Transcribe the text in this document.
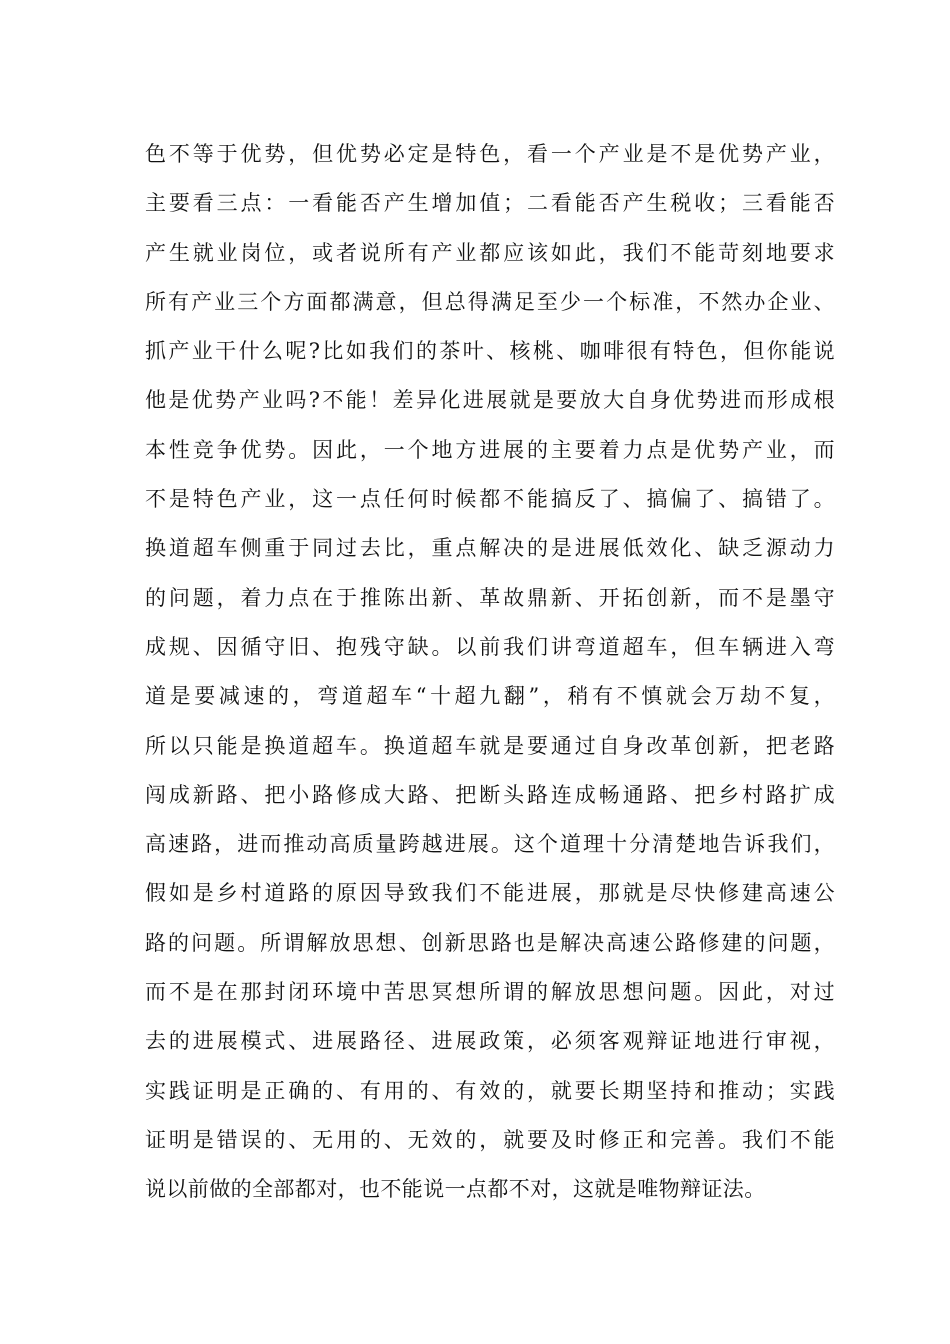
色不等于优势，但优势必定是特色，看一个产业是不是优势产业，
主要看三点：一看能否产生增加值；二看能否产生税收；三看能否
产生就业岗位，或者说所有产业都应该如此，我们不能苛刻地要求
所有产业三个方面都满意，但总得满足至少一个标准，不然办企业、
抓产业干什么呢?比如我们的茶叶、核桃、咖啡很有特色，但你能说
他是优势产业吗?不能！差异化进展就是要放大自身优势进而形成根
本性竞争优势。因此，一个地方进展的主要着力点是优势产业，而
不是特色产业，这一点任何时候都不能搞反了、搞偏了、搞错了。
换道超车侧重于同过去比，重点解决的是进展低效化、缺乏源动力
的问题，着力点在于推陈出新、革故鼎新、开拓创新，而不是墨守
成规、因循守旧、抱残守缺。以前我们讲弯道超车，但车辆进入弯
道是要减速的，弯道超车“十超九翻”，稍有不慎就会万劫不复，
所以只能是换道超车。换道超车就是要通过自身改革创新，把老路
闯成新路、把小路修成大路、把断头路连成畅通路、把乡村路扩成
高速路，进而推动高质量跨越进展。这个道理十分清楚地告诉我们，
假如是乡村道路的原因导致我们不能进展，那就是尽快修建高速公
路的问题。所谓解放思想、创新思路也是解决高速公路修建的问题，
而不是在那封闭环境中苦思冥想所谓的解放思想问题。因此，对过
去的进展模式、进展路径、进展政策，必须客观辩证地进行审视，
实践证明是正确的、有用的、有效的，就要长期坚持和推动；实践
证明是错误的、无用的、无效的，就要及时修正和完善。我们不能
说以前做的全部都对，也不能说一点都不对，这就是唯物辩证法。
